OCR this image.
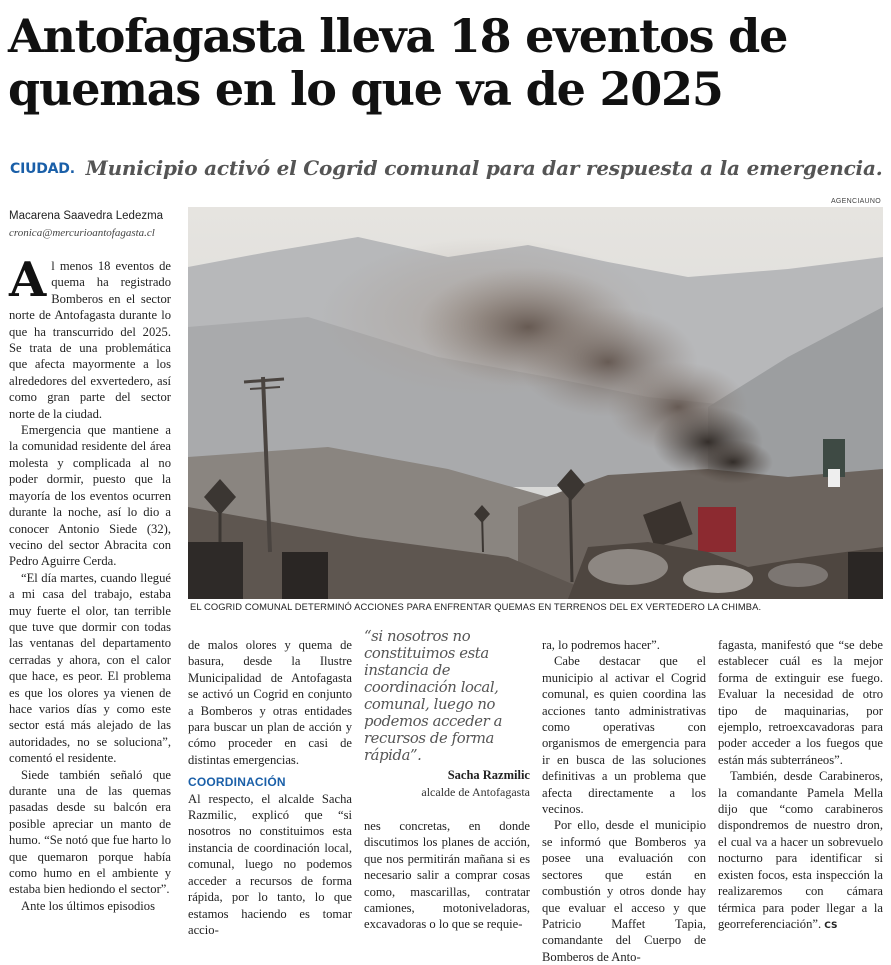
Antofagasta lleva 18 eventos de quemas en lo que va de 2025
CIUDAD. Municipio activó el Cogrid comunal para dar respuesta a la emergencia.
Macarena Saavedra Ledezma
cronica@mercurioantofagasta.cl

Al menos 18 eventos de quema ha registrado Bomberos en el sector norte de Antofagasta durante lo que ha transcurrido del 2025. Se trata de una problemática que afecta mayormente a los alrededores del exvertedero, así como gran parte del sector norte de la ciudad.

Emergencia que mantiene a la comunidad residente del área molesta y complicada al no poder dormir, puesto que la mayoría de los eventos ocurren durante la noche, así lo dio a conocer Antonio Siede (32), vecino del sector Abracita con Pedro Aguirre Cerda.

“El día martes, cuando llegué a mi casa del trabajo, estaba muy fuerte el olor, tan terrible que tuve que dormir con todas las ventanas del departamento cerradas y ahora, con el calor que hace, es peor. El problema es que los olores ya vienen de hace varios días y como este sector está más alejado de las autoridades, no se soluciona”, comentó el residente.

Siede también señaló que durante una de las quemas pasadas desde su balcón era posible apreciar un manto de humo. “Se notó que fue harto lo que quemaron porque había como humo en el ambiente y estaba bien hediondo el sector”.

Ante los últimos episodios

AGENCIAUNO
EL COGRID COMUNAL DETERMINÓ ACCIONES PARA ENFRENTAR QUEMAS EN TERRENOS DEL EX VERTEDERO LA CHIMBA.

de malos olores y quema de basura, desde la Ilustre Municipalidad de Antofagasta se activó un Cogrid en conjunto a Bomberos y otras entidades para buscar un plan de acción y cómo proceder en casi de distintas emergencias.

COORDINACIÓN

Al respecto, el alcalde Sacha Razmilic, explicó que “si nosotros no constituimos esta instancia de coordinación local, comunal, luego no podemos acceder a recursos de forma rápida, por lo tanto, lo que estamos haciendo es tomar accio-

“si nosotros no constituimos esta instancia de coordinación local, comunal, luego no podemos acceder a recursos de forma rápida”.
Sacha Razmilic
alcalde de Antofagasta

nes concretas, en donde discutimos los planes de acción, que nos permitirán mañana si es necesario salir a comprar cosas como, mascarillas, contratar camiones, motoniveladoras, excavadoras o lo que se requie-

ra, lo podremos hacer”.

Cabe destacar que el municipio al activar el Cogrid comunal, es quien coordina las acciones tanto administrativas como operativas con organismos de emergencia para ir en busca de las soluciones definitivas a un problema que afecta directamente a los vecinos.

Por ello, desde el municipio se informó que Bomberos ya posee una evaluación con sectores que están en combustión y otros donde hay que evaluar el acceso y que Patricio Maffet Tapia, comandante del Cuerpo de Bomberos de Anto-

fagasta, manifestó que “se debe establecer cuál es la mejor forma de extinguir ese fuego. Evaluar la necesidad de otro tipo de maquinarias, por ejemplo, retroexcavadoras para poder acceder a los fuegos que están más subterráneos”.

También, desde Carabineros, la comandante Pamela Mella dijo que “como carabineros dispondremos de nuestro dron, el cual va a hacer un sobrevuelo nocturno para identificar si existen focos, esta inspección la realizaremos con cámara térmica para poder llegar a la georreferenciación”. CS
